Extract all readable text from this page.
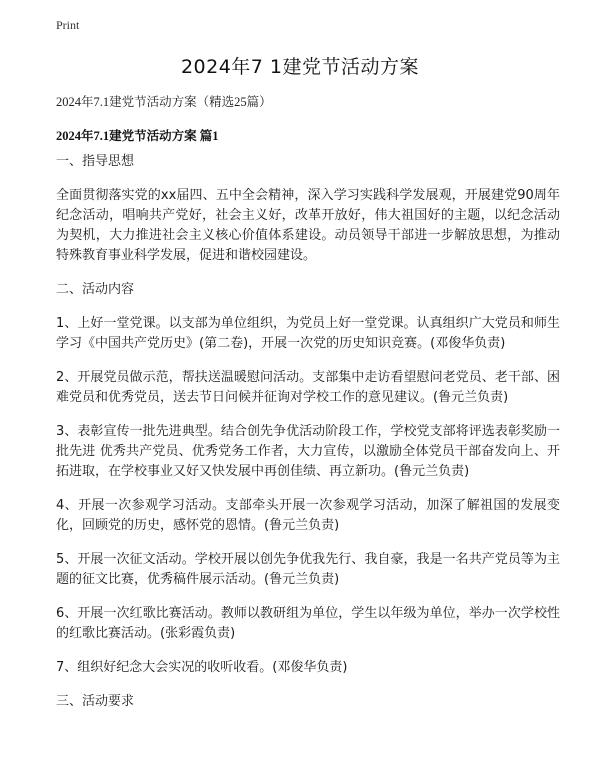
Print
2024年7 1建党节活动方案
2024年7.1建党节活动方案（精选25篇）
2024年7.1建党节活动方案 篇1

一、指导思想

全面贯彻落实党的xx届四、五中全会精神，深入学习实践科学发展观，开展建党90周年纪念活动，唱响共产党好，社会主义好，改革开放好，伟大祖国好的主题，以纪念活动为契机，大力推进社会主义核心价值体系建设。动员领导干部进一步解放思想，为推动特殊教育事业科学发展，促进和谐校园建设。

二、活动内容

1、上好一堂党课。以支部为单位组织，为党员上好一堂党课。认真组织广大党员和师生学习《中国共产党历史》(第二卷)，开展一次党的历史知识竞赛。(邓俊华负责)

2、开展党员做示范，帮扶送温暖慰问活动。支部集中走访看望慰问老党员、老干部、困难党员和优秀党员，送去节日问候并征询对学校工作的意见建议。(鲁元兰负责)

3、表彰宣传一批先进典型。结合创先争优活动阶段工作，学校党支部将评选表彰奖励一批先进 优秀共产党员、优秀党务工作者，大力宣传，以激励全体党员干部奋发向上、开拓进取，在学校事业又好又快发展中再创佳绩、再立新功。(鲁元兰负责)

4、开展一次参观学习活动。支部牵头开展一次参观学习活动，加深了解祖国的发展变化，回顾党的历史，感怀党的恩情。(鲁元兰负责)

5、开展一次征文活动。学校开展以创先争优我先行、我自豪，我是一名共产党员等为主题的征文比赛，优秀稿件展示活动。(鲁元兰负责)

6、开展一次红歌比赛活动。教师以教研组为单位，学生以年级为单位，举办一次学校性的红歌比赛活动。(张彩霞负责)

7、组织好纪念大会实况的收听收看。(邓俊华负责)

三、活动要求
